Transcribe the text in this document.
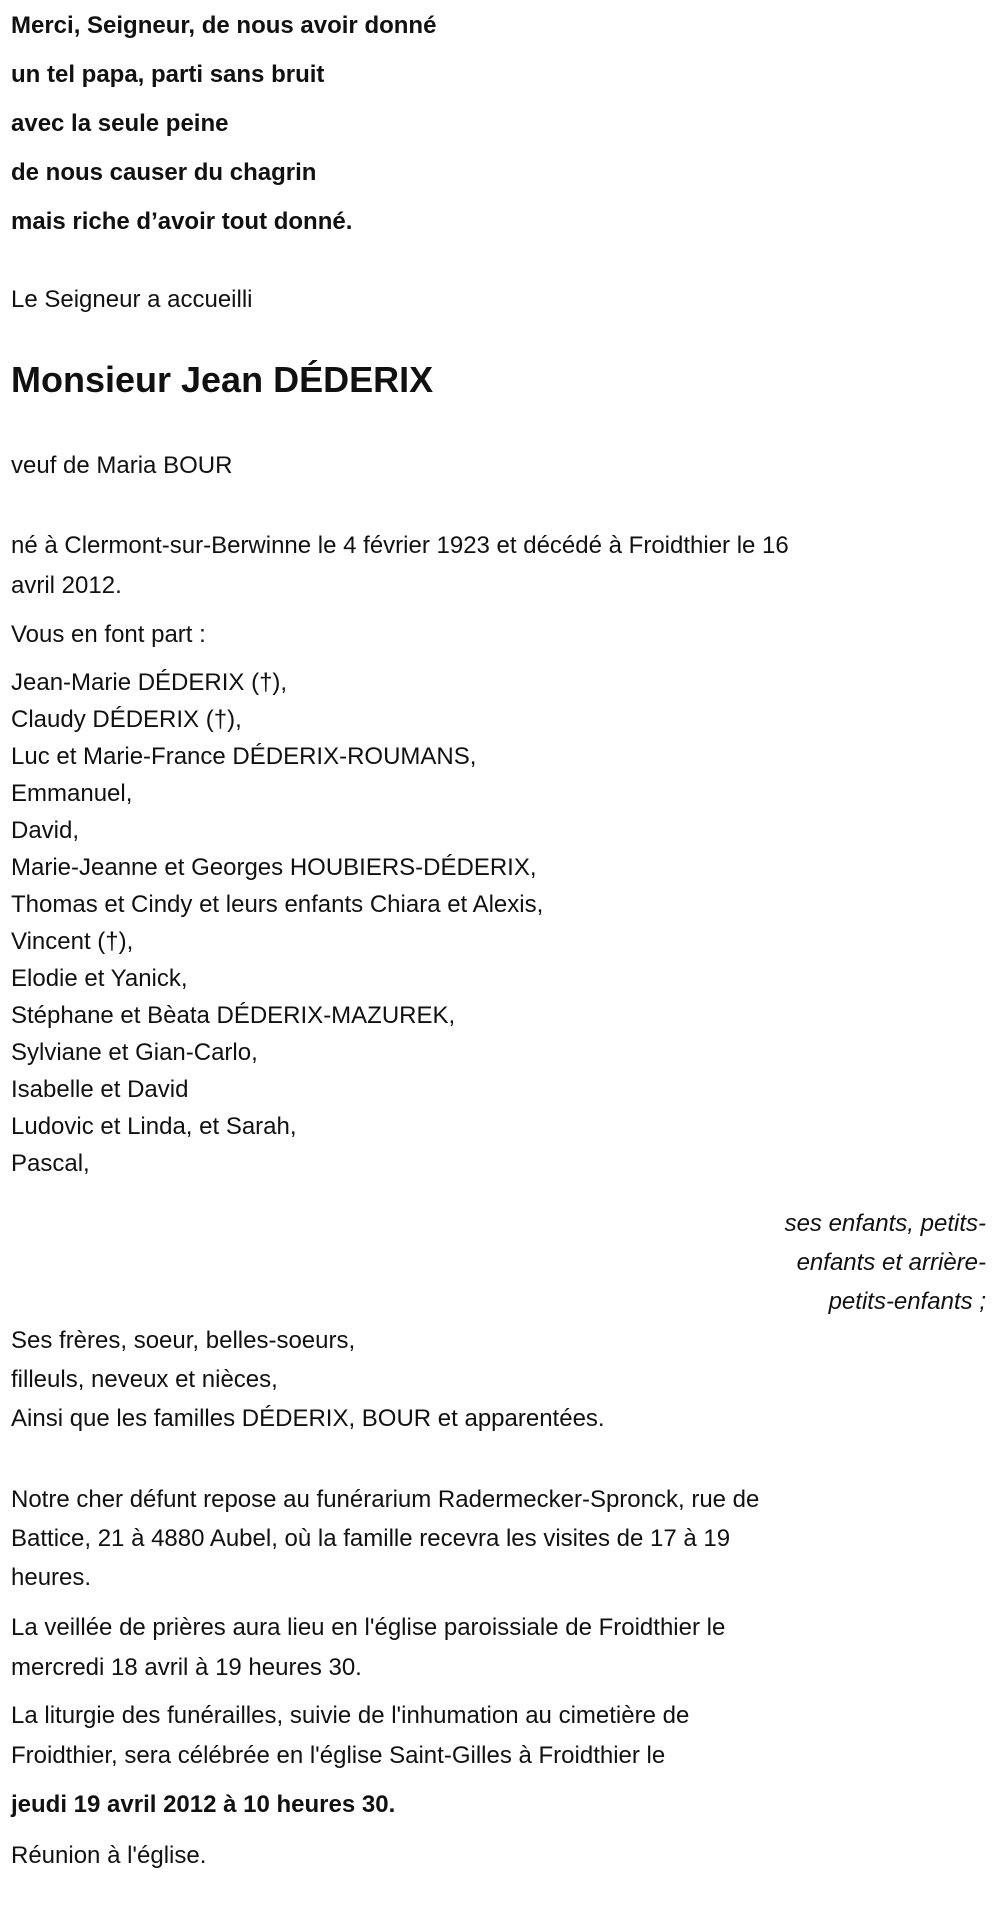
Merci, Seigneur, de nous avoir donné
un tel papa, parti sans bruit
avec la seule peine
de nous causer du chagrin
mais riche d’avoir tout donné.
Le Seigneur a accueilli
Monsieur Jean DÉDERIX
veuf de Maria BOUR
né à Clermont-sur-Berwinne le 4 février 1923 et décédé à Froidthier le 16
avril 2012.
Vous en font part :
Jean-Marie DÉDERIX (†),
Claudy DÉDERIX (†),
Luc et Marie-France DÉDERIX-ROUMANS,
Emmanuel,
David,
Marie-Jeanne et Georges HOUBIERS-DÉDERIX,
Thomas et Cindy et leurs enfants Chiara et Alexis,
Vincent (†),
Elodie et Yanick,
Stéphane et Bèata DÉDERIX-MAZUREK,
Sylviane et Gian-Carlo,
Isabelle et David
Ludovic et Linda, et Sarah,
Pascal,
ses enfants, petits-
enfants et arrière-
petits-enfants ;
Ses frères, soeur, belles-soeurs,
filleuls, neveux et nièces,
Ainsi que les familles DÉDERIX, BOUR et apparentées.
Notre cher défunt repose au funérarium Radermecker-Spronck, rue de
Battice, 21 à 4880 Aubel, où la famille recevra les visites de 17 à 19
heures.
La veillée de prières aura lieu en l'église paroissiale de Froidthier le
mercredi 18 avril à 19 heures 30.
La liturgie des funérailles, suivie de l'inhumation au cimetière de
Froidthier, sera célébrée en l'église Saint-Gilles à Froidthier le
jeudi 19 avril 2012 à 10 heures 30.
Réunion à l'église.
